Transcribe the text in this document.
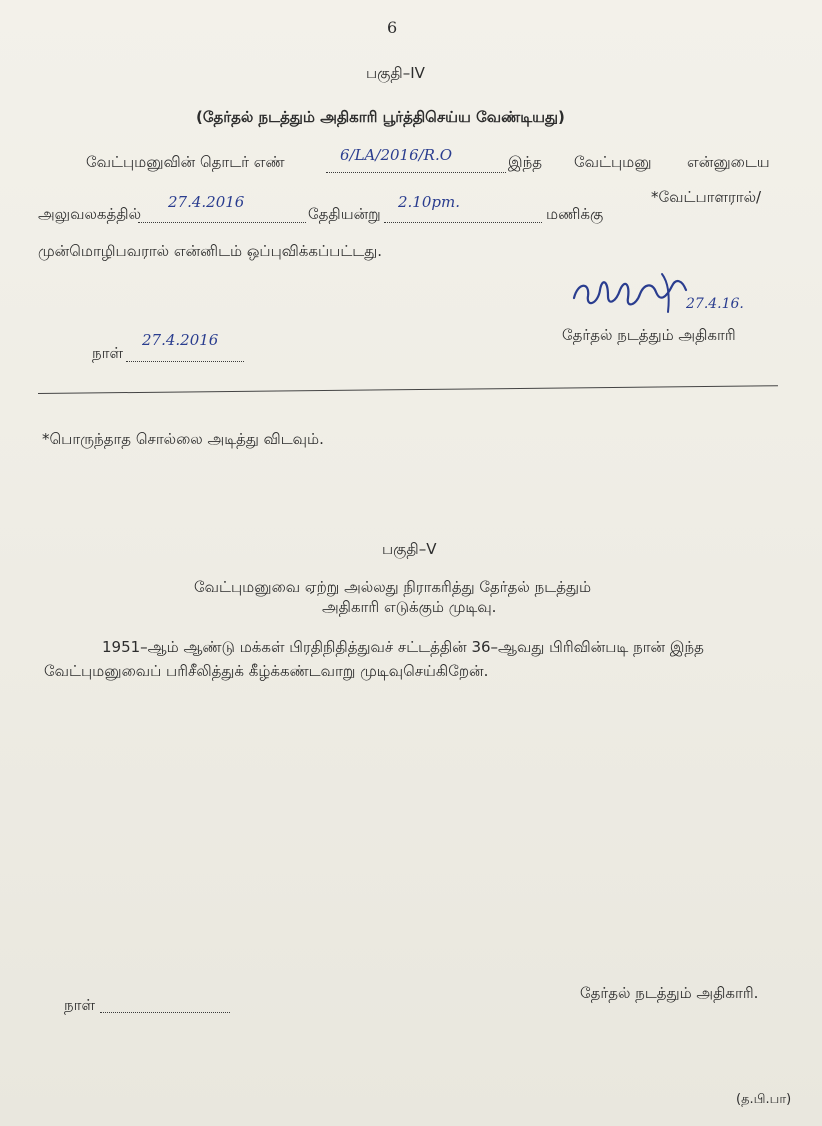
6
பகுதி–IV
(தேர்தல் நடத்தும் அதிகாரி பூர்த்திசெய்ய வேண்டியது)
வேட்புமனுவின் தொடர் எண்	6/LA/2016/R.O	இந்த வேட்புமனு என்னுடைய
அலுவலகத்தில்
27.4.2016
தேதியன்று
2.10pm.
மணிக்கு
*வேட்பாளரால்/
முன்மொழிபவரால் என்னிடம் ஒப்புவிக்கப்பட்டது.
27.4.16.
தேர்தல் நடத்தும் அதிகாரி
நாள்
27.4.2016
*பொருந்தாத சொல்லை அடித்து விடவும்.
பகுதி–V
வேட்புமனுவை ஏற்று அல்லது நிராகரித்து தேர்தல் நடத்தும்
அதிகாரி எடுக்கும் முடிவு.
1951–ஆம் ஆண்டு மக்கள் பிரதிநிதித்துவச் சட்டத்தின் 36–ஆவது பிரிவின்படி நான் இந்த
வேட்புமனுவைப் பரிசீலித்துக் கீழ்க்கண்டவாறு முடிவுசெய்கிறேன்.
நாள்
தேர்தல் நடத்தும் அதிகாரி.
(த.பி.பா)
